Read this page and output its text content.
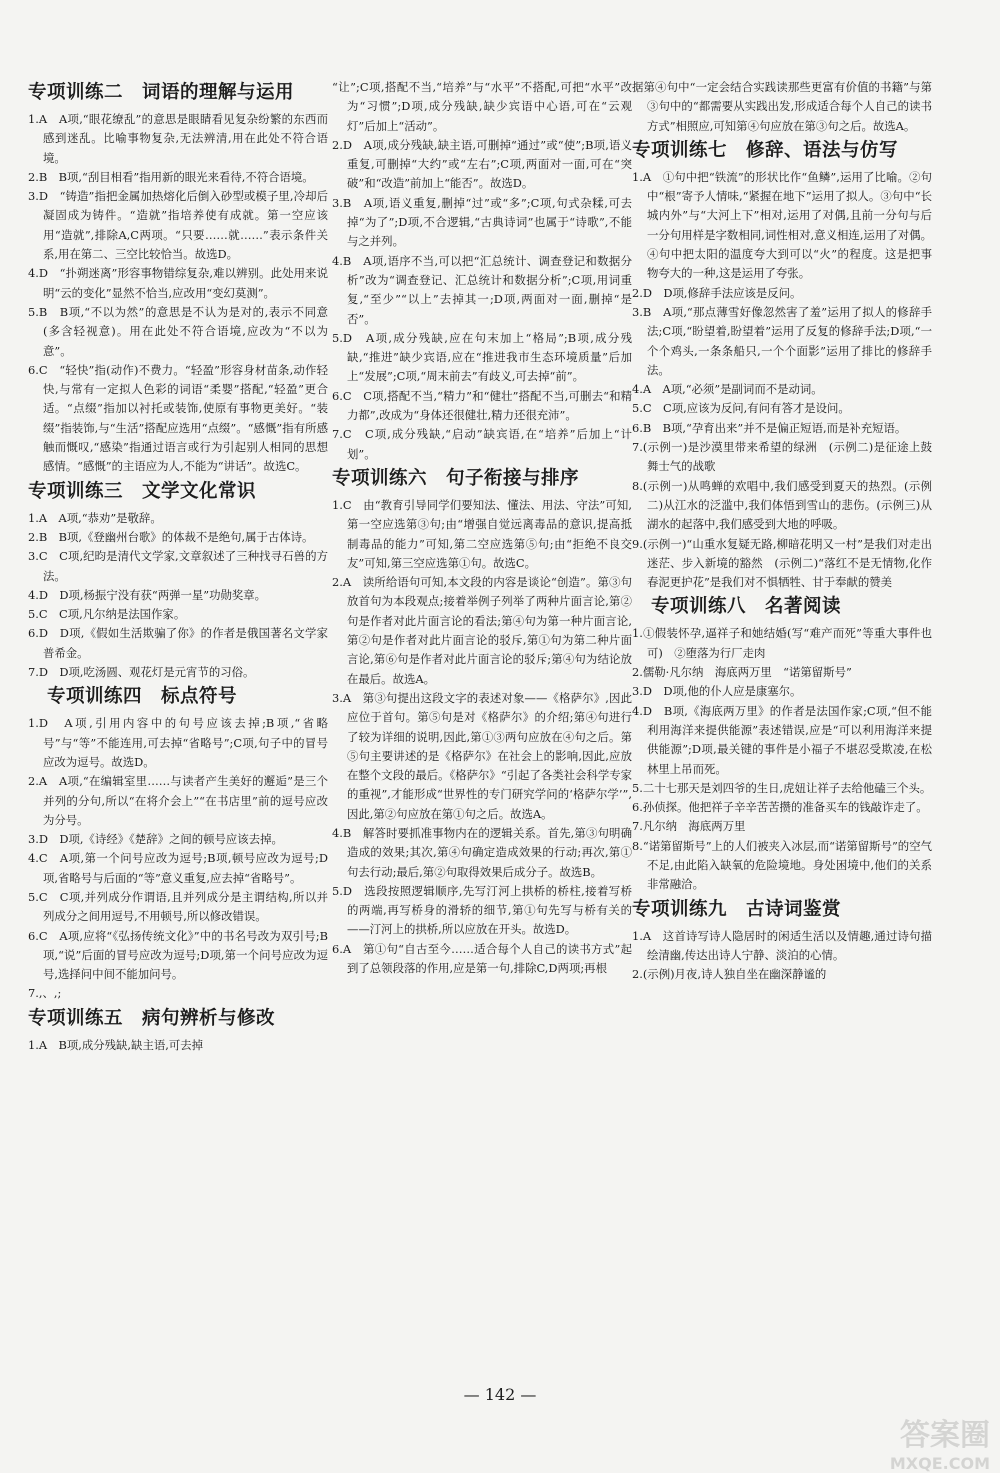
专项训练二　词语的理解与运用
1.A　A项,“眼花缭乱”的意思是眼睛看见复杂纷繁的东西而感到迷乱。比喻事物复杂,无法辨清,用在此处不符合语境。
2.B　B项,“刮目相看”指用新的眼光来看待,不符合语境。
3.D　“铸造”指把金属加热熔化后倒入砂型或模子里,冷却后凝固成为铸件。“造就”指培养使有成就。第一空应该用“造就”,排除A,C两项。“只要……就……”表示条件关系,用在第二、三空比较恰当。故选D。
4.D　“扑朔迷离”形容事物错综复杂,难以辨别。此处用来说明“云的变化”显然不恰当,应改用“变幻莫测”。
5.B　B项,“不以为然”的意思是不认为是对的,表示不同意(多含轻视意)。用在此处不符合语境,应改为“不以为意”。
6.C　“轻快”指(动作)不费力。“轻盈”形容身材苗条,动作轻快,与常有一定拟人色彩的词语“柔婴”搭配,“轻盈”更合适。“点缀”指加以衬托或装饰,使原有事物更美好。“装缀”指装饰,与“生活”搭配应选用“点缀”。“感慨”指有所感触而慨叹,“感染”指通过语言或行为引起别人相同的思想感情。“感慨”的主语应为人,不能为“讲话”。故选C。
专项训练三　文学文化常识
1.A　A项,“恭劝”是敬辞。
2.B　B项,《登幽州台歌》的体裁不是绝句,属于古体诗。
3.C　C项,纪昀是清代文学家,文章叙述了三种找寻石兽的方法。
4.D　D项,杨振宁没有获“两弹一星”功勋奖章。
5.C　C项,凡尔纳是法国作家。
6.D　D项,《假如生活欺骗了你》的作者是俄国著名文学家普希金。
7.D　D项,吃汤圆、观花灯是元宵节的习俗。
　专项训练四　标点符号
1.D　A项,引用内容中的句号应该去掉;B项,“省略号”与“等”不能连用,可去掉“省略号”;C项,句子中的冒号应改为逗号。故选D。
2.A　A项,“在编辑室里……与读者产生美好的邂逅”是三个并列的分句,所以“在将介会上”“在书店里”前的逗号应改为分号。
3.D　D项,《诗经》《楚辞》之间的顿号应该去掉。
4.C　A项,第一个问号应改为逗号;B项,顿号应改为逗号;D项,省略号与后面的“等”意义重复,应去掉“省略号”。
5.C　C项,并列成分作谓语,且并列成分是主谓结构,所以并列成分之间用逗号,不用顿号,所以修改错误。
6.C　A项,应将“《弘扬传统文化》”中的书名号改为双引号;B项,“说”后面的冒号应改为逗号;D项,第一个问号应改为逗号,选择问中间不能加问号。
7.,、,;
专项训练五　病句辨析与修改
1.A　B项,成分残缺,缺主语,可去掉
“让”;C项,搭配不当,“培养”与“水平”不搭配,可把“水平”改为“习惯”;D项,成分残缺,缺少宾语中心语,可在“云观灯”后加上“活动”。
2.D　A项,成分残缺,缺主语,可删掉“通过”或“使”;B项,语义重复,可删掉“大约”或“左右”;C项,两面对一面,可在“突破”和“改造”前加上“能否”。故选D。
3.B　A项,语义重复,删掉“过”或“多”;C项,句式杂糅,可去掉“为了”;D项,不合逻辑,“古典诗词”也属于“诗歌”,不能与之并列。
4.B　A项,语序不当,可以把“汇总统计、调查登记和数据分析”改为“调查登记、汇总统计和数据分析”;C项,用词重复,“至少”“以上”去掉其一;D项,两面对一面,删掉“是否”。
5.D　A项,成分残缺,应在句末加上“格局”;B项,成分残缺,“推进”缺少宾语,应在“推进我市生态环境质量”后加上“发展”;C项,“周末前去”有歧义,可去掉“前”。
6.C　C项,搭配不当,“精力”和“健壮”搭配不当,可删去“和精力都”,改成为“身体还很健壮,精力还很充沛”。
7.C　C项,成分残缺,“启动”缺宾语,在“培养”后加上“计划”。
专项训练六　句子衔接与排序
1.C　由“教育引导同学们要知法、懂法、用法、守法”可知,第一空应选第③句;由“增强自觉远离毒品的意识,提高抵制毒品的能力”可知,第二空应选第⑤句;由“拒绝不良交友”可知,第三空应选第①句。故选C。
2.A　读所给语句可知,本文段的内容是谈论“创造”。第③句放首句为本段观点;接着举例子列举了两种片面言论,第②句是作者对此片面言论的看法;第④句为第一种片面言论,第②句是作者对此片面言论的驳斥,第①句为第二种片面言论,第⑥句是作者对此片面言论的驳斥;第④句为结论放在最后。故选A。
3.A　第③句提出这段文字的表述对象——《格萨尔》,因此应位于首句。第⑤句是对《格萨尔》的介绍;第④句进行了较为详细的说明,因此,第①③两句应放在④句之后。第⑤句主要讲述的是《格萨尔》在社会上的影响,因此,应放在整个文段的最后。《格萨尔》“引起了各类社会科学专家的重视”,才能形成“世界性的专门研究学问的‘格萨尔学’”,因此,第②句应放在第①句之后。故选A。
4.B　解答时要抓准事物内在的逻辑关系。首先,第③句明确造成的效果;其次,第④句确定造成效果的行动;再次,第①句去行动;最后,第②句取得效果后成分子。故选B。
5.D　选段按照逻辑顺序,先写汀河上拱桥的桥柱,接着写桥的两端,再写桥身的滑轿的细节,第①句先写与桥有关的——汀河上的拱桥,所以应放在开头。故选D。
6.A　第①句“自古至今……适合每个人自己的读书方式”起到了总领段落的作用,应是第一句,排除C,D两项;再根
据第④句中“一定会结合实践读那些更富有价值的书籍”与第③句中的“都需要从实践出发,形成适合每个人自己的读书方式”相照应,可知第④句应放在第③句之后。故选A。
专项训练七　修辞、语法与仿写
1.A　①句中把“铁流”的形状比作“鱼鳞”,运用了比喻。②句中“根”寄予人情味,“紧握在地下”运用了拟人。③句中“长城内外”与“大河上下”相对,运用了对偶,且前一分句与后一分句用样是字数相同,词性相对,意义相连,运用了对偶。④句中把太阳的温度夸大到可以“火”的程度。这是把事物夸大的一种,这是运用了夸张。
2.D　D项,修辞手法应该是反问。
3.B　A项,“那点薄雪好像忽然害了羞”运用了拟人的修辞手法;C项,“盼望着,盼望着”运用了反复的修辞手法;D项,“一个个鸡头,一条条船只,一个个面影”运用了排比的修辞手法。
4.A　A项,“必须”是副词而不是动词。
5.C　C项,应该为反问,有问有答才是设问。
6.B　B项,“孕育出来”并不是偏正短语,而是补充短语。
7.(示例一)是沙漠里带来希望的绿洲　(示例二)是征途上鼓舞士气的战歌
8.(示例一)从鸣蝉的欢唱中,我们感受到夏天的热烈。(示例二)从江水的泛滥中,我们体悟到雪山的悲伤。(示例三)从湖水的起落中,我们感受到大地的呼吸。
9.(示例一)“山重水复疑无路,柳暗花明又一村”是我们对走出迷茫、步入新境的豁然　(示例二)“落红不是无情物,化作春泥更护花”是我们对不惧牺牲、甘于奉献的赞美
　专项训练八　名著阅读
1.①假装怀孕,逼祥子和她结婚(写“难产而死”等重大事件也可)　②堕落为行厂走肉
2.儒勒·凡尔纳　海底两万里　“诺第留斯号”
3.D　D项,他的仆人应是康塞尔。
4.D　B项,《海底两万里》的作者是法国作家;C项,“但不能利用海洋来提供能源”表述错误,应是“可以利用海洋来提供能源”;D项,最关键的事件是小福子不堪忍受欺凌,在松林里上吊而死。
5.二十七那天是刘四爷的生日,虎妞让祥子去给他磕三个头。
6.孙侦探。他把祥子辛辛苦苦攒的准备买车的钱敲诈走了。
7.凡尔纳　海底两万里
8.“诺第留斯号”上的人们被夹入冰层,而“诺第留斯号”的空气不足,由此陷入缺氧的危险境地。身处困境中,他们的关系非常融洽。
专项训练九　古诗词鉴赏
1.A　这首诗写诗人隐居时的闲适生活以及情趣,通过诗句描绘清幽,传达出诗人宁静、淡泊的心情。
2.(示例)月夜,诗人独自坐在幽深静谧的
— 142 —
答案圈
MXQE.COM
